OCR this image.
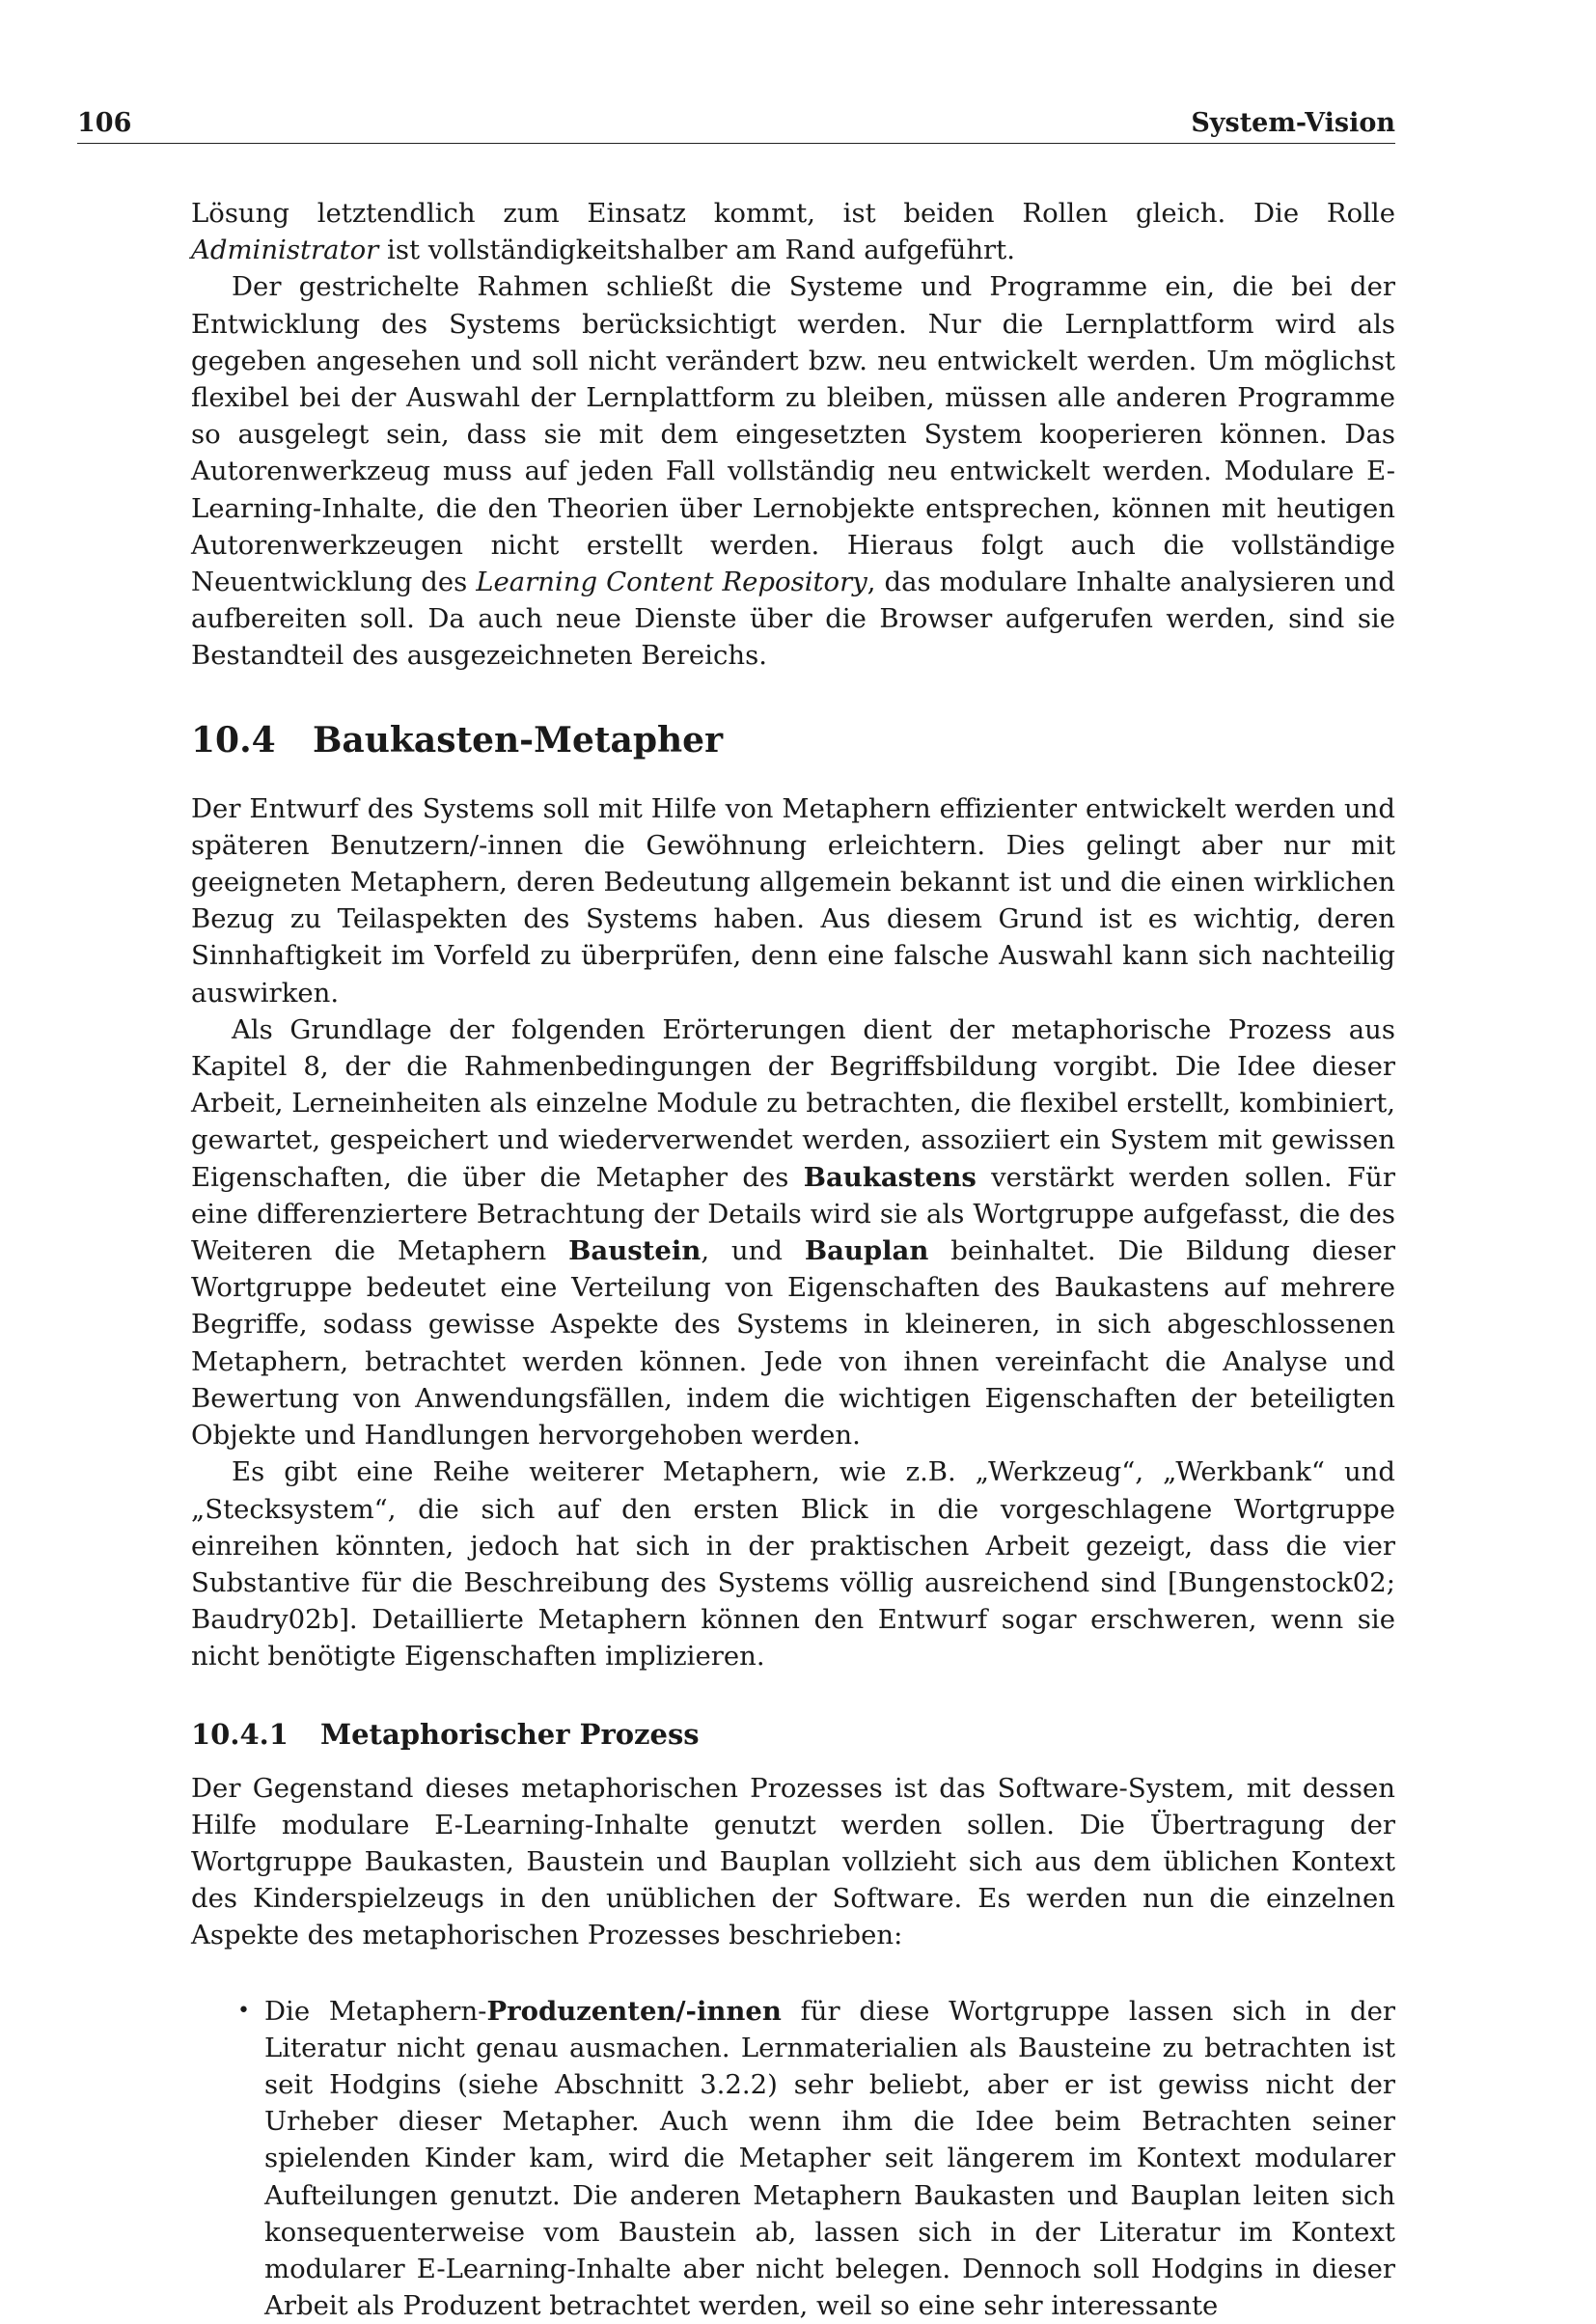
106	System-Vision

Lösung letztendlich zum Einsatz kommt, ist beiden Rollen gleich. Die Rolle Administrator ist vollständigkeitshalber am Rand aufgeführt.

Der gestrichelte Rahmen schließt die Systeme und Programme ein, die bei der Entwicklung des Systems berücksichtigt werden. Nur die Lernplattform wird als gegeben angesehen und soll nicht verändert bzw. neu entwickelt werden. Um möglichst flexibel bei der Auswahl der Lernplattform zu bleiben, müssen alle anderen Programme so ausgelegt sein, dass sie mit dem eingesetzten System kooperieren können. Das Autorenwerkzeug muss auf jeden Fall vollständig neu entwickelt werden. Modulare E-Learning-Inhalte, die den Theorien über Lernobjekte entsprechen, können mit heutigen Autorenwerkzeugen nicht erstellt werden. Hieraus folgt auch die vollständige Neuentwicklung des Learning Content Repository, das modulare Inhalte analysieren und aufbereiten soll. Da auch neue Dienste über die Browser aufgerufen werden, sind sie Bestandteil des ausgezeichneten Bereichs.

10.4 Baukasten-Metapher

Der Entwurf des Systems soll mit Hilfe von Metaphern effizienter entwickelt werden und späteren Benutzern/-innen die Gewöhnung erleichtern. Dies gelingt aber nur mit geeigneten Metaphern, deren Bedeutung allgemein bekannt ist und die einen wirklichen Bezug zu Teilaspekten des Systems haben. Aus diesem Grund ist es wichtig, deren Sinnhaftigkeit im Vorfeld zu überprüfen, denn eine falsche Auswahl kann sich nachteilig auswirken.

Als Grundlage der folgenden Erörterungen dient der metaphorische Prozess aus Kapitel 8, der die Rahmenbedingungen der Begriffsbildung vorgibt. Die Idee dieser Arbeit, Lerneinheiten als einzelne Module zu betrachten, die flexibel erstellt, kombiniert, gewartet, gespeichert und wiederverwendet werden, assoziiert ein System mit gewissen Eigenschaften, die über die Metapher des Baukastens verstärkt werden sollen. Für eine differenziertere Betrachtung der Details wird sie als Wortgruppe aufgefasst, die des Weiteren die Metaphern Baustein, und Bauplan beinhaltet. Die Bildung dieser Wortgruppe bedeutet eine Verteilung von Eigenschaften des Baukastens auf mehrere Begriffe, sodass gewisse Aspekte des Systems in kleineren, in sich abgeschlossenen Metaphern, betrachtet werden können. Jede von ihnen vereinfacht die Analyse und Bewertung von Anwendungsfällen, indem die wichtigen Eigenschaften der beteiligten Objekte und Handlungen hervorgehoben werden.

Es gibt eine Reihe weiterer Metaphern, wie z.B. „Werkzeug“, „Werkbank“ und „Stecksystem“, die sich auf den ersten Blick in die vorgeschlagene Wortgruppe einreihen könnten, jedoch hat sich in der praktischen Arbeit gezeigt, dass die vier Substantive für die Beschreibung des Systems völlig ausreichend sind [Bungenstock02; Baudry02b]. Detaillierte Metaphern können den Entwurf sogar erschweren, wenn sie nicht benötigte Eigenschaften implizieren.

10.4.1 Metaphorischer Prozess

Der Gegenstand dieses metaphorischen Prozesses ist das Software-System, mit dessen Hilfe modulare E-Learning-Inhalte genutzt werden sollen. Die Übertragung der Wortgruppe Baukasten, Baustein und Bauplan vollzieht sich aus dem üblichen Kontext des Kinderspielzeugs in den unüblichen der Software. Es werden nun die einzelnen Aspekte des metaphorischen Prozesses beschrieben:

• Die Metaphern-Produzenten/-innen für diese Wortgruppe lassen sich in der Literatur nicht genau ausmachen. Lernmaterialien als Bausteine zu betrachten ist seit Hodgins (siehe Abschnitt 3.2.2) sehr beliebt, aber er ist gewiss nicht der Urheber dieser Metapher. Auch wenn ihm die Idee beim Betrachten seiner spielenden Kinder kam, wird die Metapher seit längerem im Kontext modularer Aufteilungen genutzt. Die anderen Metaphern Baukasten und Bauplan leiten sich konsequenterweise vom Baustein ab, lassen sich in der Literatur im Kontext modularer E-Learning-Inhalte aber nicht belegen. Dennoch soll Hodgins in dieser Arbeit als Produzent betrachtet werden, weil so eine sehr interessante
